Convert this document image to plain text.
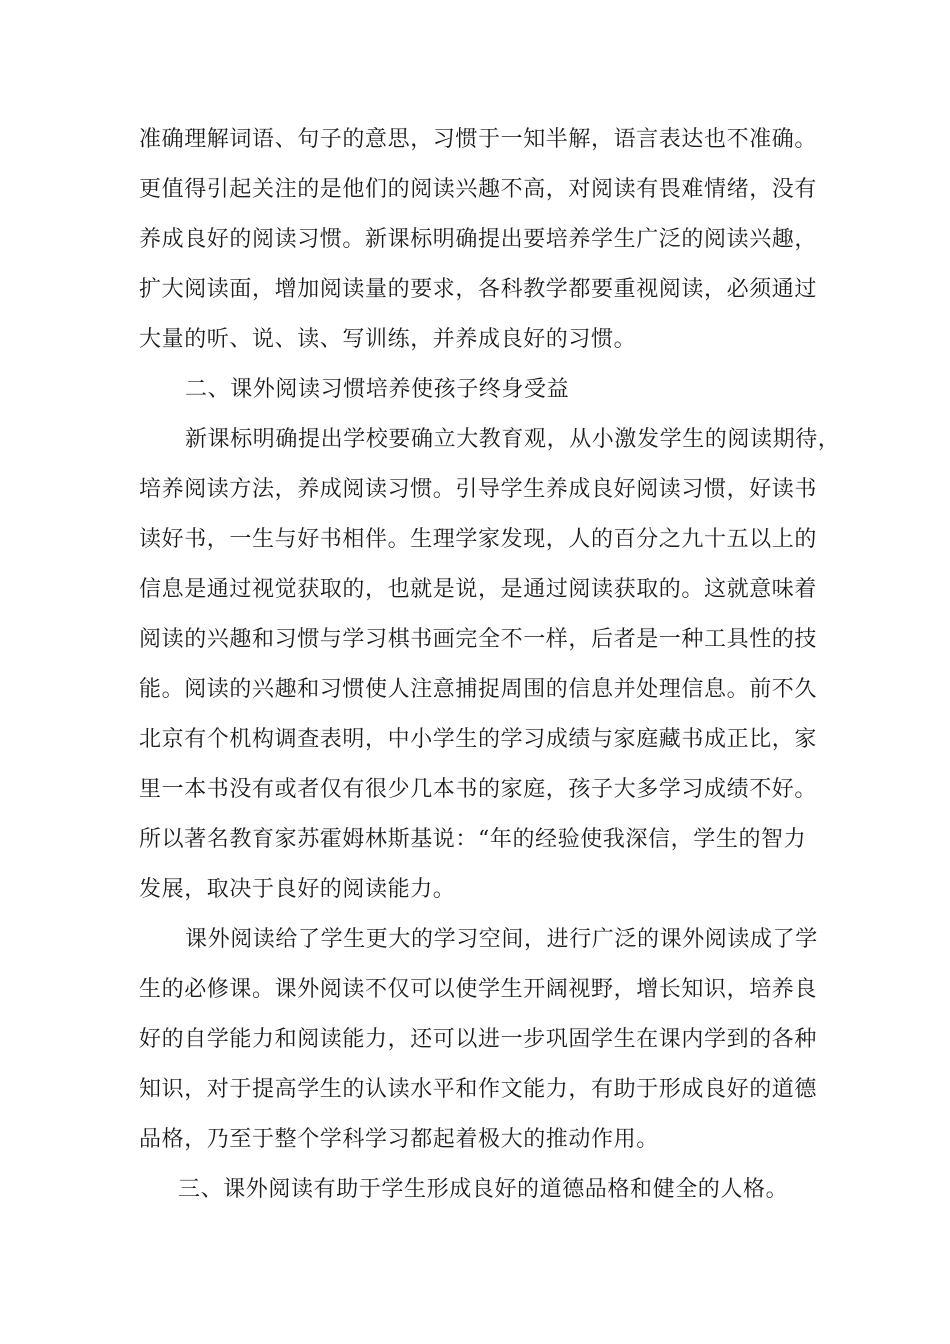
准确理解词语、句子的意思，习惯于一知半解，语言表达也不准确。
更值得引起关注的是他们的阅读兴趣不高，对阅读有畏难情绪，没有
养成良好的阅读习惯。新课标明确提出要培养学生广泛的阅读兴趣，
扩大阅读面，增加阅读量的要求，各科教学都要重视阅读，必须通过
大量的听、说、读、写训练，并养成良好的习惯。
二、课外阅读习惯培养使孩子终身受益
新课标明确提出学校要确立大教育观，从小激发学生的阅读期待，
培养阅读方法，养成阅读习惯。引导学生养成良好阅读习惯，好读书
读好书，一生与好书相伴。生理学家发现，人的百分之九十五以上的
信息是通过视觉获取的，也就是说，是通过阅读获取的。这就意味着
阅读的兴趣和习惯与学习棋书画完全不一样，后者是一种工具性的技
能。阅读的兴趣和习惯使人注意捕捉周围的信息并处理信息。前不久
北京有个机构调查表明，中小学生的学习成绩与家庭藏书成正比，家
里一本书没有或者仅有很少几本书的家庭，孩子大多学习成绩不好。
所以著名教育家苏霍姆林斯基说：“年的经验使我深信，学生的智力
发展，取决于良好的阅读能力。
课外阅读给了学生更大的学习空间，进行广泛的课外阅读成了学
生的必修课。课外阅读不仅可以使学生开阔视野，增长知识，培养良
好的自学能力和阅读能力，还可以进一步巩固学生在课内学到的各种
知识，对于提高学生的认读水平和作文能力，有助于形成良好的道德
品格，乃至于整个学科学习都起着极大的推动作用。
三、课外阅读有助于学生形成良好的道德品格和健全的人格。
